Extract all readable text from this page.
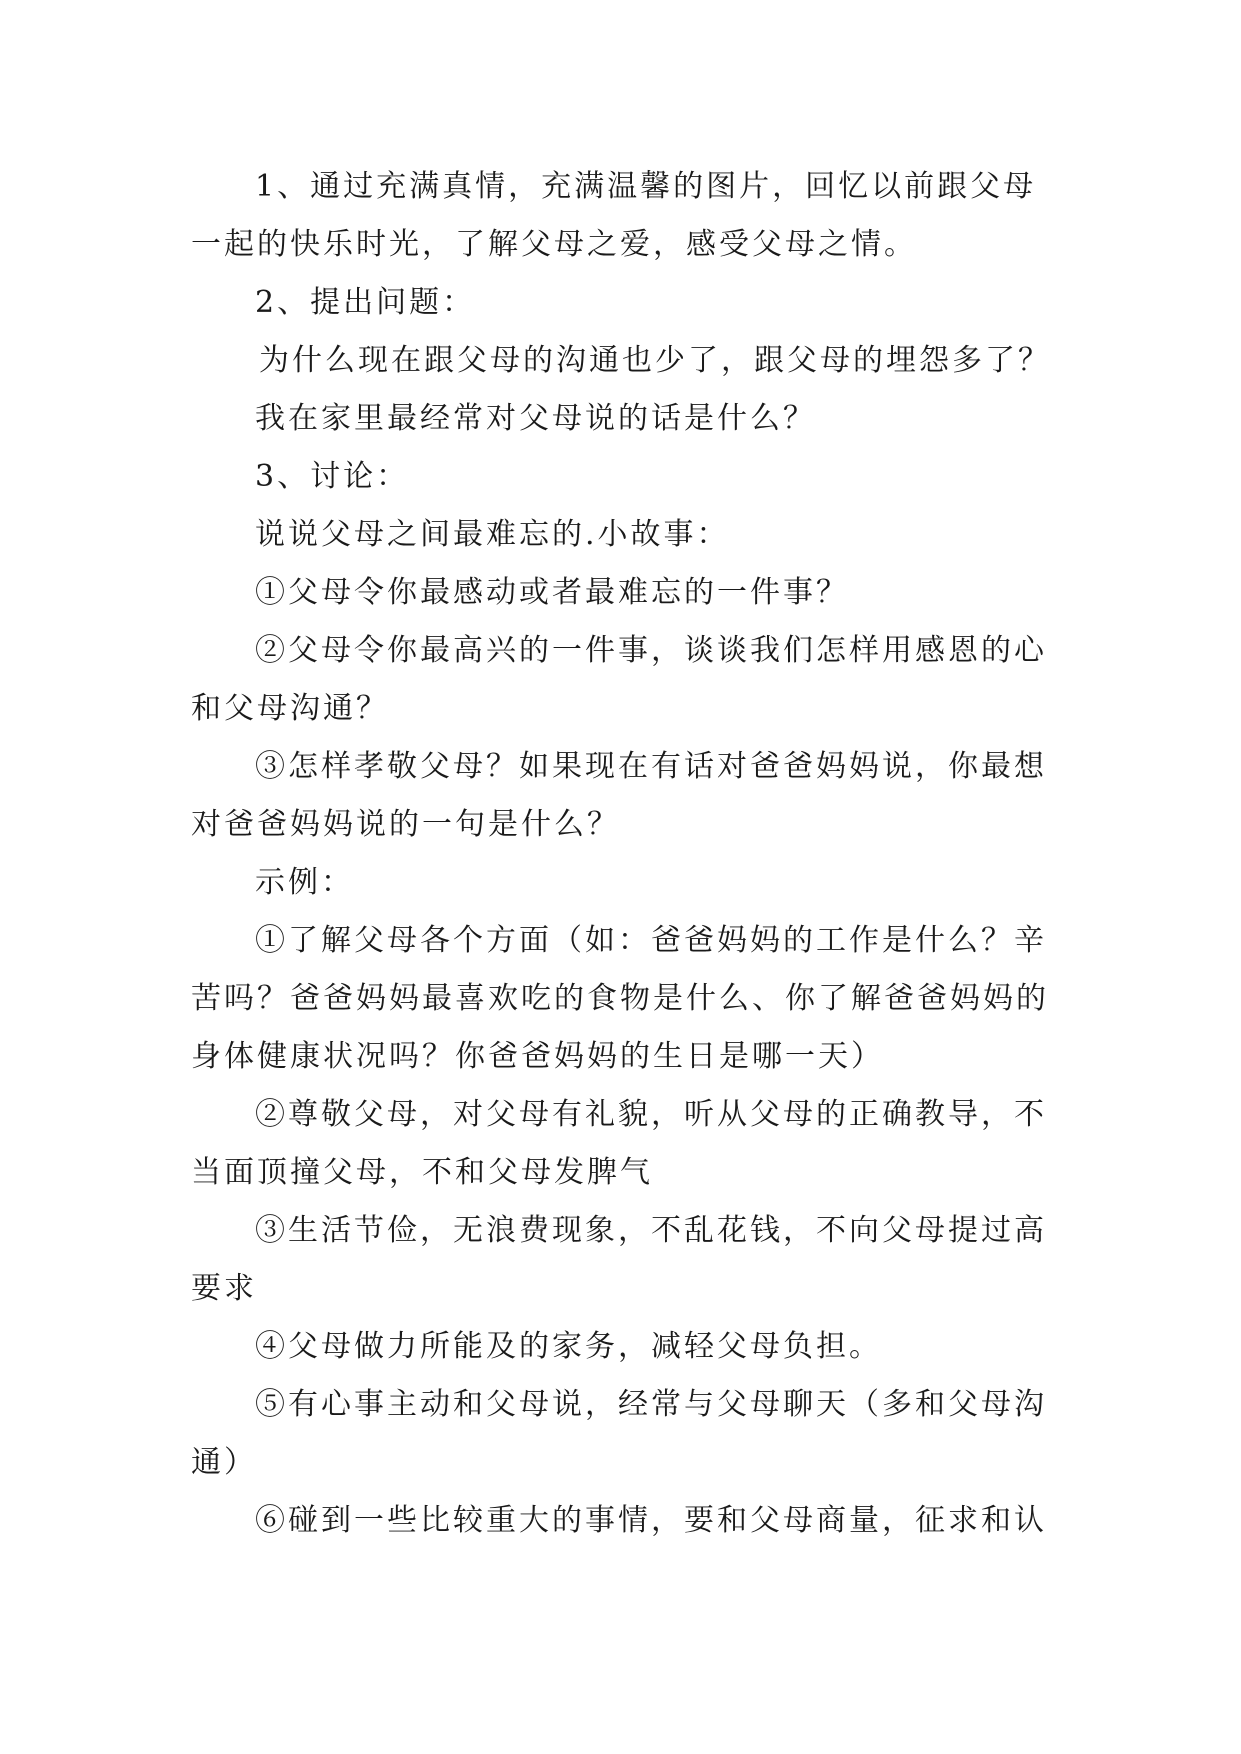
1、通过充满真情，充满温馨的图片，回忆以前跟父母
一起的快乐时光，了解父母之爱，感受父母之情。
2、提出问题：
为什么现在跟父母的沟通也少了，跟父母的埋怨多了？
我在家里最经常对父母说的话是什么？
3、讨论：
说说父母之间最难忘的.小故事：
①父母令你最感动或者最难忘的一件事？
②父母令你最高兴的一件事，谈谈我们怎样用感恩的心
和父母沟通？
③怎样孝敬父母？如果现在有话对爸爸妈妈说，你最想
对爸爸妈妈说的一句是什么？
示例：
①了解父母各个方面（如：爸爸妈妈的工作是什么？辛
苦吗？爸爸妈妈最喜欢吃的食物是什么、你了解爸爸妈妈的
身体健康状况吗？你爸爸妈妈的生日是哪一天）
②尊敬父母，对父母有礼貌，听从父母的正确教导，不
当面顶撞父母，不和父母发脾气
③生活节俭，无浪费现象，不乱花钱，不向父母提过高
要求
④父母做力所能及的家务，减轻父母负担。
⑤有心事主动和父母说，经常与父母聊天（多和父母沟
通）
⑥碰到一些比较重大的事情，要和父母商量，征求和认
